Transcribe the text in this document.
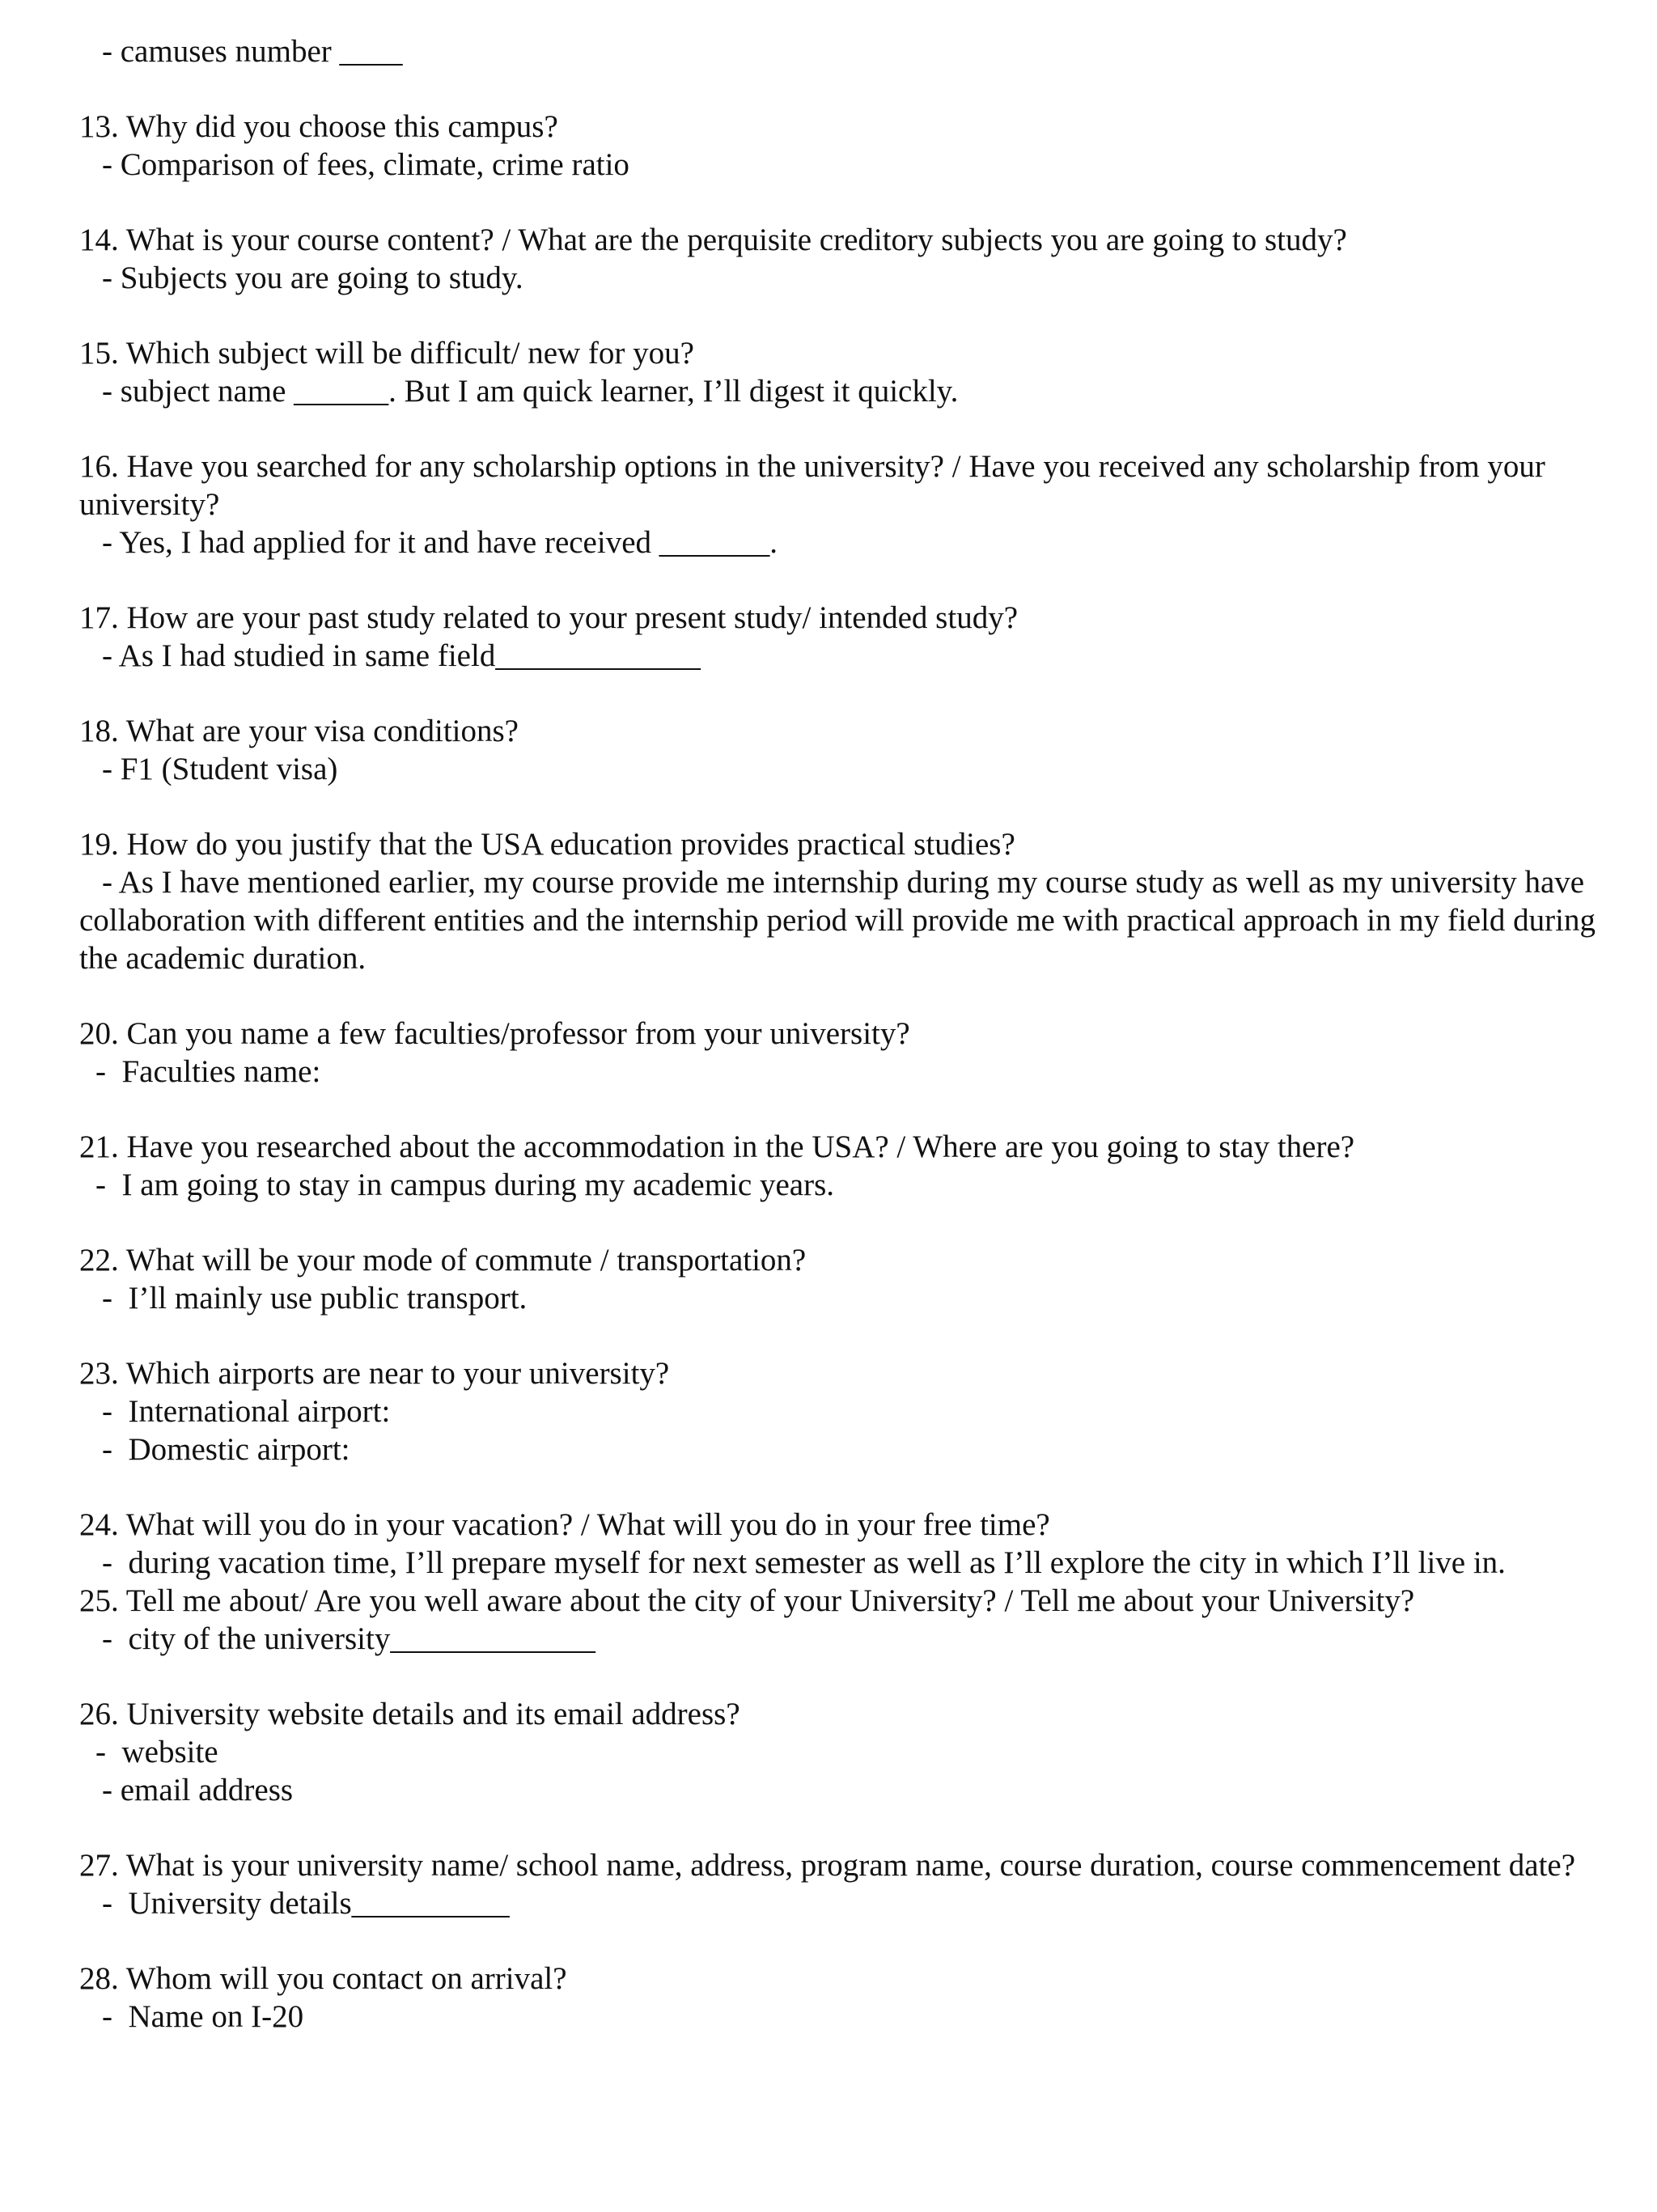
- camuses number ____
13. Why did you choose this campus?
- Comparison of fees, climate, crime ratio
14. What is your course content? / What are the perquisite creditory subjects you are going to study?
- Subjects you are going to study.
15. Which subject will be difficult/ new for you?
- subject name ______. But I am quick learner, I’ll digest it quickly.
16. Have you searched for any scholarship options in the university? / Have you received any scholarship from your university?
- Yes, I had applied for it and have received _______.
17. How are your past study related to your present study/ intended study?
- As I had studied in same field_____________
18. What are your visa conditions?
- F1 (Student visa)
19. How do you justify that the USA education provides practical studies?
- As I have mentioned earlier, my course provide me internship during my course study as well as my university have collaboration with different entities and the internship period will provide me with practical approach in my field during the academic duration.
20. Can you name a few faculties/professor from your university?
-  Faculties name:
21. Have you researched about the accommodation in the USA? / Where are you going to stay there?
-  I am going to stay in campus during my academic years.
22. What will be your mode of commute / transportation?
-  I’ll mainly use public transport.
23. Which airports are near to your university?
-  International airport:
-  Domestic airport:
24. What will you do in your vacation? / What will you do in your free time?
-  during vacation time, I’ll prepare myself for next semester as well as I’ll explore the city in which I’ll live in.
25. Tell me about/ Are you well aware about the city of your University? / Tell me about your University?
-  city of the university_____________
26. University website details and its email address?
-  website
- email address
27. What is your university name/ school name, address, program name, course duration, course commencement date?
-  University details__________
28. Whom will you contact on arrival?
-  Name on I-20
